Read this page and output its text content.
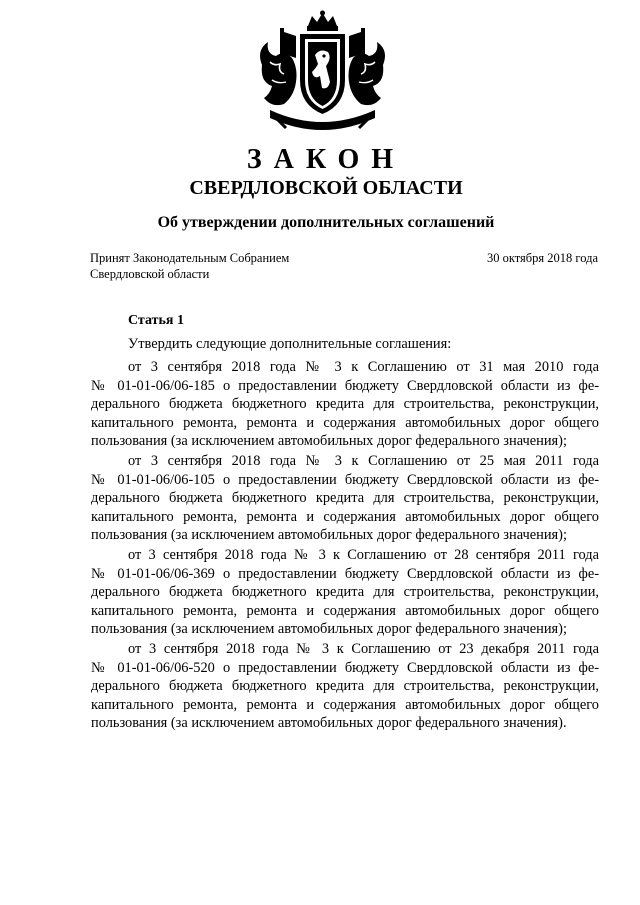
ЗАКОН
СВЕРДЛОВСКОЙ ОБЛАСТИ
Об утверждении дополнительных соглашений
Принят Законодательным Собранием
Свердловской области
30 октября 2018 года
Статья 1
Утвердить следующие дополнительные соглашения:
от 3 сентября 2018 года № 3 к Соглашению от 31 мая 2010 года
№ 01-01-06/06-185 о предоставлении бюджету Свердловской области из фе-
дерального бюджета бюджетного кредита для строительства, реконструкции,
капитального ремонта, ремонта и содержания автомобильных дорог общего
пользования (за исключением автомобильных дорог федерального значения);
от 3 сентября 2018 года № 3 к Соглашению от 25 мая 2011 года
№ 01-01-06/06-105 о предоставлении бюджету Свердловской области из фе-
дерального бюджета бюджетного кредита для строительства, реконструкции,
капитального ремонта, ремонта и содержания автомобильных дорог общего
пользования (за исключением автомобильных дорог федерального значения);
от 3 сентября 2018 года № 3 к Соглашению от 28 сентября 2011 года
№ 01-01-06/06-369 о предоставлении бюджету Свердловской области из фе-
дерального бюджета бюджетного кредита для строительства, реконструкции,
капитального ремонта, ремонта и содержания автомобильных дорог общего
пользования (за исключением автомобильных дорог федерального значения);
от 3 сентября 2018 года № 3 к Соглашению от 23 декабря 2011 года
№ 01-01-06/06-520 о предоставлении бюджету Свердловской области из фе-
дерального бюджета бюджетного кредита для строительства, реконструкции,
капитального ремонта, ремонта и содержания автомобильных дорог общего
пользования (за исключением автомобильных дорог федерального значения).
